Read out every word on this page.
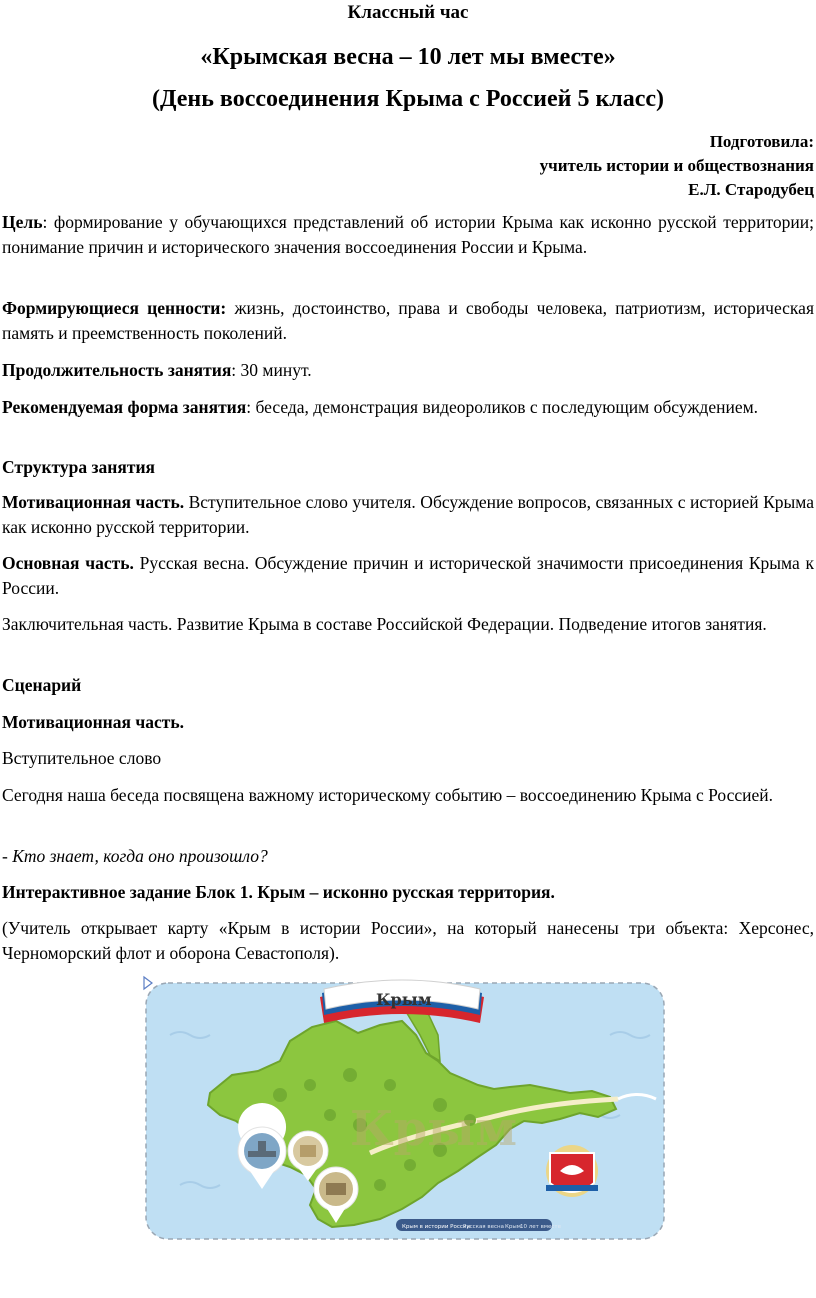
Классный час
«Крымская весна – 10 лет мы вместе»
(День воссоединения Крыма с Россией 5 класс)
Подготовила:
учитель истории и обществознания
Е.Л. Стародубец
Цель: формирование у обучающихся представлений об истории Крыма как исконно русской территории; понимание причин и исторического значения воссоединения России и Крыма.
Формирующиеся ценности: жизнь, достоинство, права и свободы человека, патриотизм, историческая память и преемственность поколений.
Продолжительность занятия: 30 минут.
Рекомендуемая форма занятия: беседа, демонстрация видеороликов с последующим обсуждением.
Структура занятия
Мотивационная часть. Вступительное слово учителя. Обсуждение вопросов, связанных с историей Крыма как исконно русской территории.
Основная часть. Русская весна. Обсуждение причин и исторической значимости присоединения Крыма к России.
Заключительная часть. Развитие Крыма в составе Российской Федерации. Подведение итогов занятия.
Сценарий
Мотивационная часть.
Вступительное слово
Сегодня наша беседа посвящена важному историческому событию – воссоединению Крыма с Россией.
- Кто знает, когда оно произошло?
Интерактивное задание Блок 1. Крым – исконно русская территория.
(Учитель открывает карту «Крым в истории России», на который нанесены три объекта: Херсонес, Черноморский флот и оборона Севастополя).
Крым
Крым
Крым в истории России
Русская весна Крым 10 лет вместе
